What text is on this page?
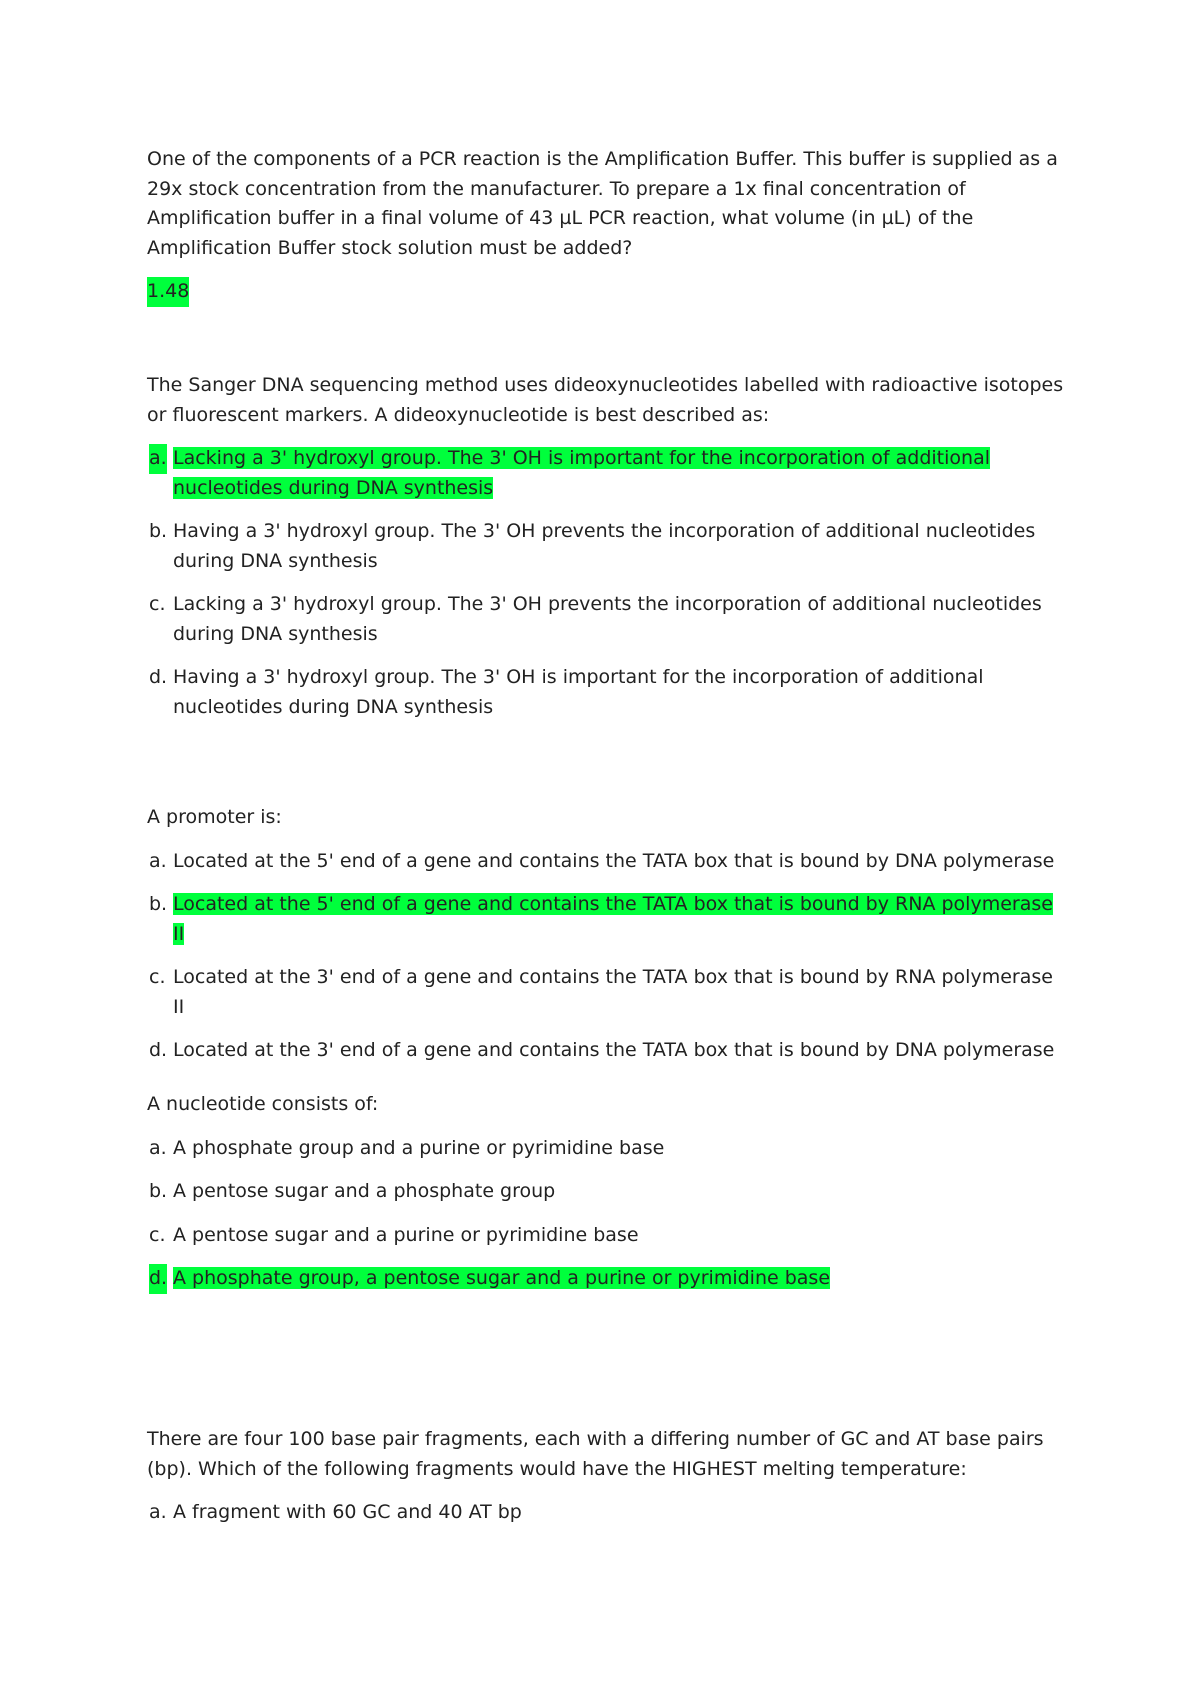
One of the components of a PCR reaction is the Amplification Buffer. This buffer is supplied as a 29x stock concentration from the manufacturer. To prepare a 1x final concentration of Amplification buffer in a final volume of 43 µL PCR reaction, what volume (in µL) of the Amplification Buffer stock solution must be added?

1.48

The Sanger DNA sequencing method uses dideoxynucleotides labelled with radioactive isotopes or fluorescent markers. A dideoxynucleotide is best described as:

a. Lacking a 3' hydroxyl group. The 3' OH is important for the incorporation of additional nucleotides during DNA synthesis
b. Having a 3' hydroxyl group. The 3' OH prevents the incorporation of additional nucleotides during DNA synthesis
c. Lacking a 3' hydroxyl group. The 3' OH prevents the incorporation of additional nucleotides during DNA synthesis
d. Having a 3' hydroxyl group. The 3' OH is important for the incorporation of additional nucleotides during DNA synthesis

A promoter is:

a. Located at the 5' end of a gene and contains the TATA box that is bound by DNA polymerase
b. Located at the 5' end of a gene and contains the TATA box that is bound by RNA polymerase II
c. Located at the 3' end of a gene and contains the TATA box that is bound by RNA polymerase II
d. Located at the 3' end of a gene and contains the TATA box that is bound by DNA polymerase

A nucleotide consists of:

a. A phosphate group and a purine or pyrimidine base
b. A pentose sugar and a phosphate group
c. A pentose sugar and a purine or pyrimidine base
d. A phosphate group, a pentose sugar and a purine or pyrimidine base

There are four 100 base pair fragments, each with a differing number of GC and AT base pairs (bp). Which of the following fragments would have the HIGHEST melting temperature:

a. A fragment with 60 GC and 40 AT bp
